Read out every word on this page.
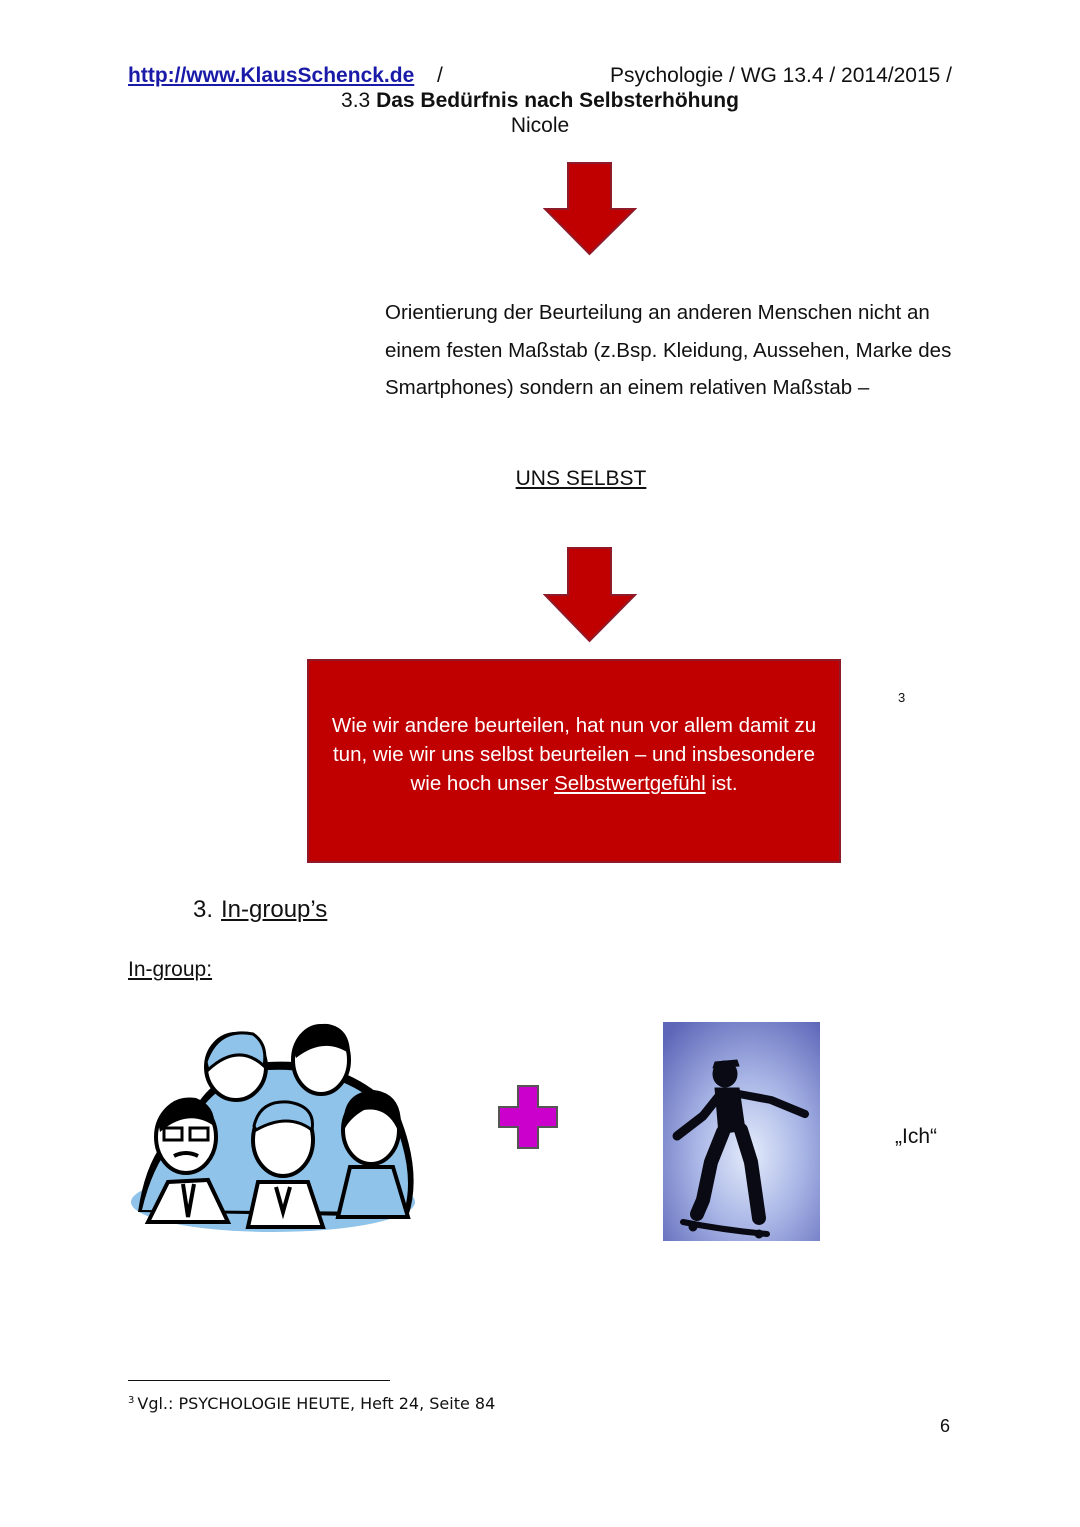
http://www.KlausSchenck.de /	Psychologie / WG 13.4 / 2014/2015 /
3.3 Das Bedürfnis nach Selbsterhöhung
Nicole
Orientierung der Beurteilung an anderen Menschen nicht an einem festen Maßstab (z.Bsp. Kleidung, Aussehen, Marke des Smartphones) sondern an einem relativen Maßstab –
UNS SELBST
Wie wir andere beurteilen, hat nun vor allem damit zu tun, wie wir uns selbst beurteilen – und insbesondere wie hoch unser Selbstwertgefühl ist.
3
3. In-group’s
In-group:
„Ich“
$^3$ Vgl.: PSYCHOLOGIE HEUTE, Heft 24, Seite 84
6
